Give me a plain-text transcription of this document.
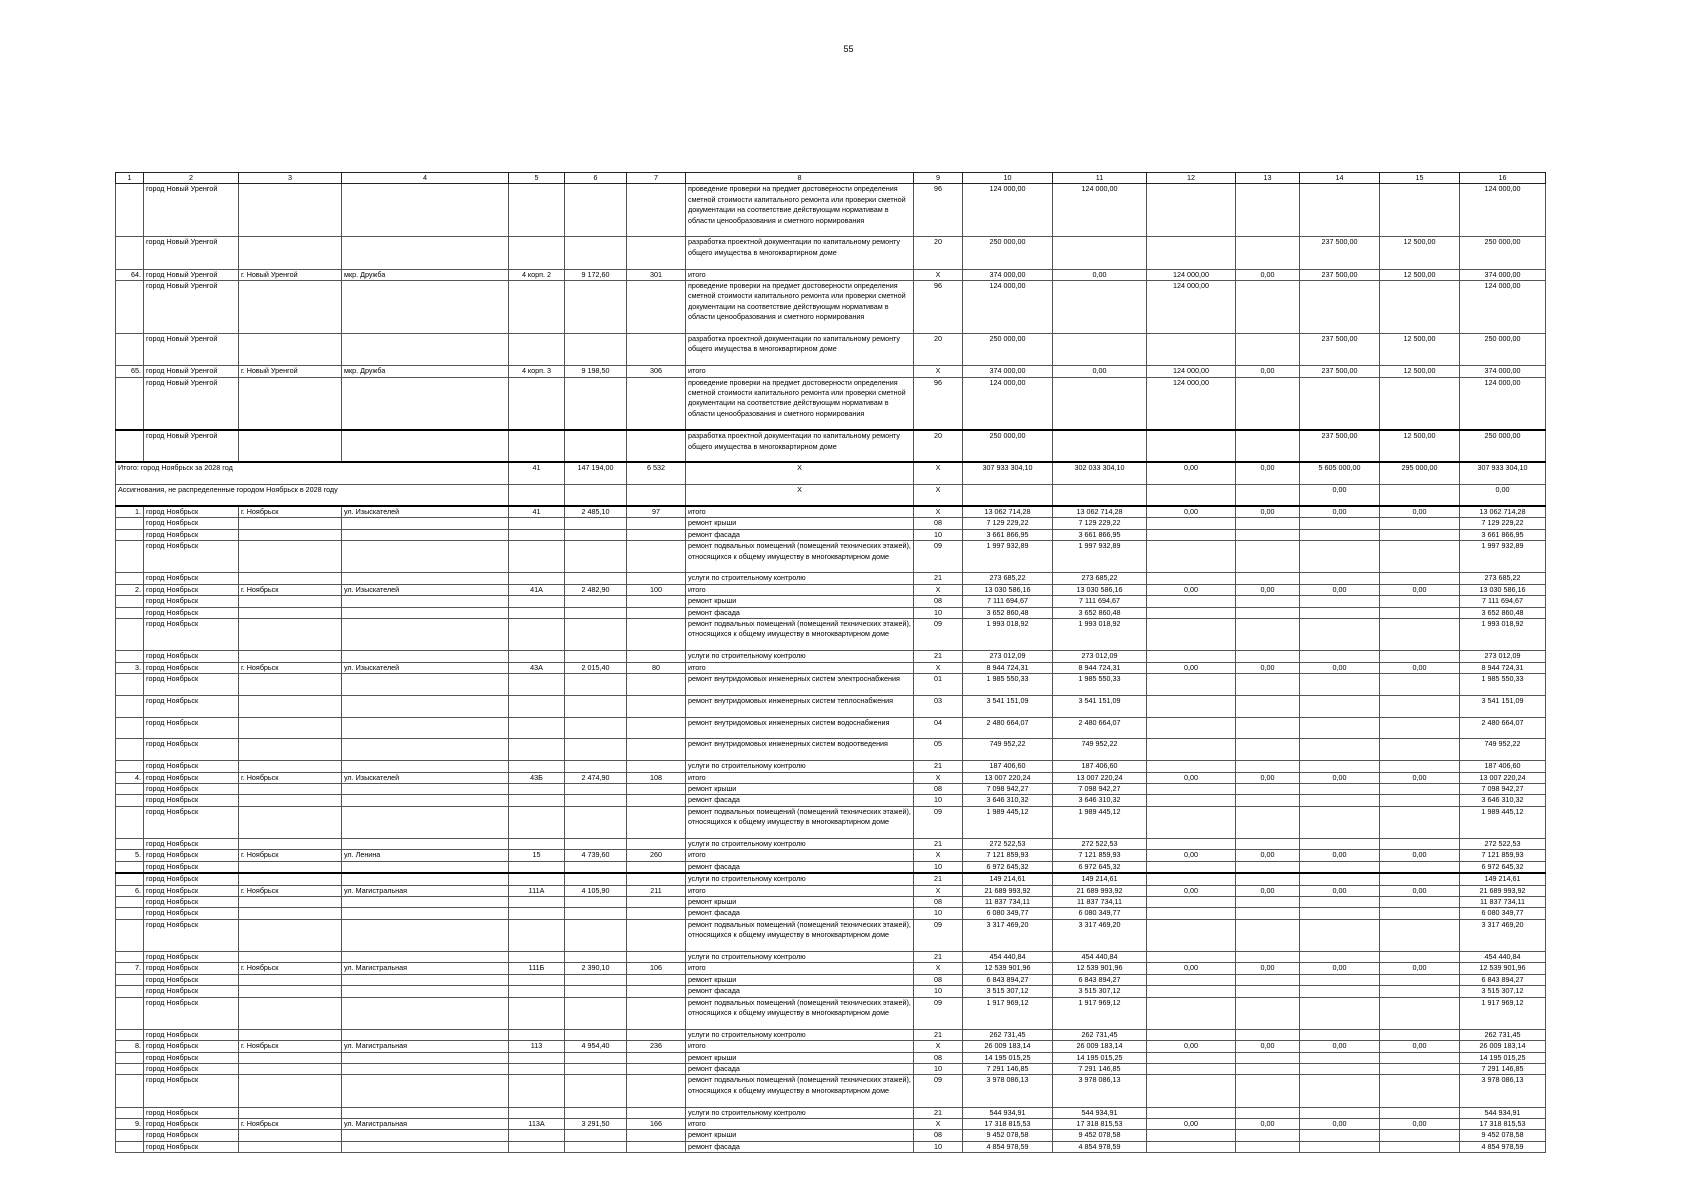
55
1	2	3	4	5	6	7	8	9	10	11	12	13	14	15	16
	город Новый Уренгой						проведение проверки на предмет достоверности определения сметной стоимости капитального ремонта или проверки сметной документации на соответствие действующим нормативам в области ценообразования и сметного нормирования	96	124 000,00	124 000,00					124 000,00
	город Новый Уренгой						разработка проектной документации по капитальному ремонту общего имущества в многоквартирном доме	20	250 000,00				237 500,00	12 500,00	250 000,00
64.	город Новый Уренгой	г. Новый Уренгой	мкр. Дружба	4 корп. 2	9 172,60	301	итого	Х	374 000,00	0,00	124 000,00	0,00	237 500,00	12 500,00	374 000,00
	город Новый Уренгой						проведение проверки на предмет достоверности определения сметной стоимости капитального ремонта или проверки сметной документации на соответствие действующим нормативам в области ценообразования и сметного нормирования	96	124 000,00		124 000,00				124 000,00
	город Новый Уренгой						разработка проектной документации по капитальному ремонту общего имущества в многоквартирном доме	20	250 000,00				237 500,00	12 500,00	250 000,00
65.	город Новый Уренгой	г. Новый Уренгой	мкр. Дружба	4 корп. 3	9 198,50	306	итого	Х	374 000,00	0,00	124 000,00	0,00	237 500,00	12 500,00	374 000,00
	город Новый Уренгой						проведение проверки на предмет достоверности определения сметной стоимости капитального ремонта или проверки сметной документации на соответствие действующим нормативам в области ценообразования и сметного нормирования	96	124 000,00		124 000,00				124 000,00
	город Новый Уренгой						разработка проектной документации по капитальному ремонту общего имущества в многоквартирном доме	20	250 000,00				237 500,00	12 500,00	250 000,00
Итого: город Ноябрьск за 2028 год				41	147 194,00	6 532	Х	Х	307 933 304,10	302 033 304,10	0,00	0,00	5 605 000,00	295 000,00	307 933 304,10
Ассигнования, не распределенные городом Ноябрьск в 2028 году							Х	Х					0,00		0,00
1.	город Ноябрьск	г. Ноябрьск	ул. Изыскателей	41	2 485,10	97	итого	Х	13 062 714,28	13 062 714,28	0,00	0,00	0,00	0,00	13 062 714,28
	город Ноябрьск						ремонт крыши	08	7 129 229,22	7 129 229,22					7 129 229,22
	город Ноябрьск						ремонт фасада	10	3 661 866,95	3 661 866,95					3 661 866,95
	город Ноябрьск						ремонт подвальных помещений (помещений технических этажей), относящихся к общему имуществу в многоквартирном доме	09	1 997 932,89	1 997 932,89					1 997 932,89
	город Ноябрьск						услуги по строительному контролю	21	273 685,22	273 685,22					273 685,22
2.	город Ноябрьск	г. Ноябрьск	ул. Изыскателей	41А	2 482,90	100	итого	Х	13 030 586,16	13 030 586,16	0,00	0,00	0,00	0,00	13 030 586,16
	город Ноябрьск						ремонт крыши	08	7 111 694,67	7 111 694,67					7 111 694,67
	город Ноябрьск						ремонт фасада	10	3 652 860,48	3 652 860,48					3 652 860,48
	город Ноябрьск						ремонт подвальных помещений (помещений технических этажей), относящихся к общему имуществу в многоквартирном доме	09	1 993 018,92	1 993 018,92					1 993 018,92
	город Ноябрьск						услуги по строительному контролю	21	273 012,09	273 012,09					273 012,09
3.	город Ноябрьск	г. Ноябрьск	ул. Изыскателей	43А	2 015,40	80	итого	Х	8 944 724,31	8 944 724,31	0,00	0,00	0,00	0,00	8 944 724,31
	город Ноябрьск						ремонт внутридомовых инженерных систем электроснабжения	01	1 985 550,33	1 985 550,33					1 985 550,33
	город Ноябрьск						ремонт внутридомовых инженерных систем теплоснабжения	03	3 541 151,09	3 541 151,09					3 541 151,09
	город Ноябрьск						ремонт внутридомовых инженерных систем водоснабжения	04	2 480 664,07	2 480 664,07					2 480 664,07
	город Ноябрьск						ремонт внутридомовых инженерных систем водоотведения	05	749 952,22	749 952,22					749 952,22
	город Ноябрьск						услуги по строительному контролю	21	187 406,60	187 406,60					187 406,60
4.	город Ноябрьск	г. Ноябрьск	ул. Изыскателей	43Б	2 474,90	108	итого	Х	13 007 220,24	13 007 220,24	0,00	0,00	0,00	0,00	13 007 220,24
	город Ноябрьск						ремонт крыши	08	7 098 942,27	7 098 942,27					7 098 942,27
	город Ноябрьск						ремонт фасада	10	3 646 310,32	3 646 310,32					3 646 310,32
	город Ноябрьск						ремонт подвальных помещений (помещений технических этажей), относящихся к общему имуществу в многоквартирном доме	09	1 989 445,12	1 989 445,12					1 989 445,12
	город Ноябрьск						услуги по строительному контролю	21	272 522,53	272 522,53					272 522,53
5.	город Ноябрьск	г. Ноябрьск	ул. Ленина	15	4 739,60	260	итого	Х	7 121 859,93	7 121 859,93	0,00	0,00	0,00	0,00	7 121 859,93
	город Ноябрьск						ремонт фасада	10	6 972 645,32	6 972 645,32					6 972 645,32
	город Ноябрьск						услуги по строительному контролю	21	149 214,61	149 214,61					149 214,61
6.	город Ноябрьск	г. Ноябрьск	ул. Магистральная	111А	4 105,90	211	итого	Х	21 689 993,92	21 689 993,92	0,00	0,00	0,00	0,00	21 689 993,92
	город Ноябрьск						ремонт крыши	08	11 837 734,11	11 837 734,11					11 837 734,11
	город Ноябрьск						ремонт фасада	10	6 080 349,77	6 080 349,77					6 080 349,77
	город Ноябрьск						ремонт подвальных помещений (помещений технических этажей), относящихся к общему имуществу в многоквартирном доме	09	3 317 469,20	3 317 469,20					3 317 469,20
	город Ноябрьск						услуги по строительному контролю	21	454 440,84	454 440,84					454 440,84
7.	город Ноябрьск	г. Ноябрьск	ул. Магистральная	111Б	2 390,10	106	итого	Х	12 539 901,96	12 539 901,96	0,00	0,00	0,00	0,00	12 539 901,96
	город Ноябрьск						ремонт крыши	08	6 843 894,27	6 843 894,27					6 843 894,27
	город Ноябрьск						ремонт фасада	10	3 515 307,12	3 515 307,12					3 515 307,12
	город Ноябрьск						ремонт подвальных помещений (помещений технических этажей), относящихся к общему имуществу в многоквартирном доме	09	1 917 969,12	1 917 969,12					1 917 969,12
	город Ноябрьск						услуги по строительному контролю	21	262 731,45	262 731,45					262 731,45
8.	город Ноябрьск	г. Ноябрьск	ул. Магистральная	113	4 954,40	236	итого	Х	26 009 183,14	26 009 183,14	0,00	0,00	0,00	0,00	26 009 183,14
	город Ноябрьск						ремонт крыши	08	14 195 015,25	14 195 015,25					14 195 015,25
	город Ноябрьск						ремонт фасада	10	7 291 146,85	7 291 146,85					7 291 146,85
	город Ноябрьск						ремонт подвальных помещений (помещений технических этажей), относящихся к общему имуществу в многоквартирном доме	09	3 978 086,13	3 978 086,13					3 978 086,13
	город Ноябрьск						услуги по строительному контролю	21	544 934,91	544 934,91					544 934,91
9.	город Ноябрьск	г. Ноябрьск	ул. Магистральная	113А	3 291,50	166	итого	Х	17 318 815,53	17 318 815,53	0,00	0,00	0,00	0,00	17 318 815,53
	город Ноябрьск						ремонт крыши	08	9 452 078,58	9 452 078,58					9 452 078,58
	город Ноябрьск						ремонт фасада	10	4 854 978,59	4 854 978,59					4 854 978,59
